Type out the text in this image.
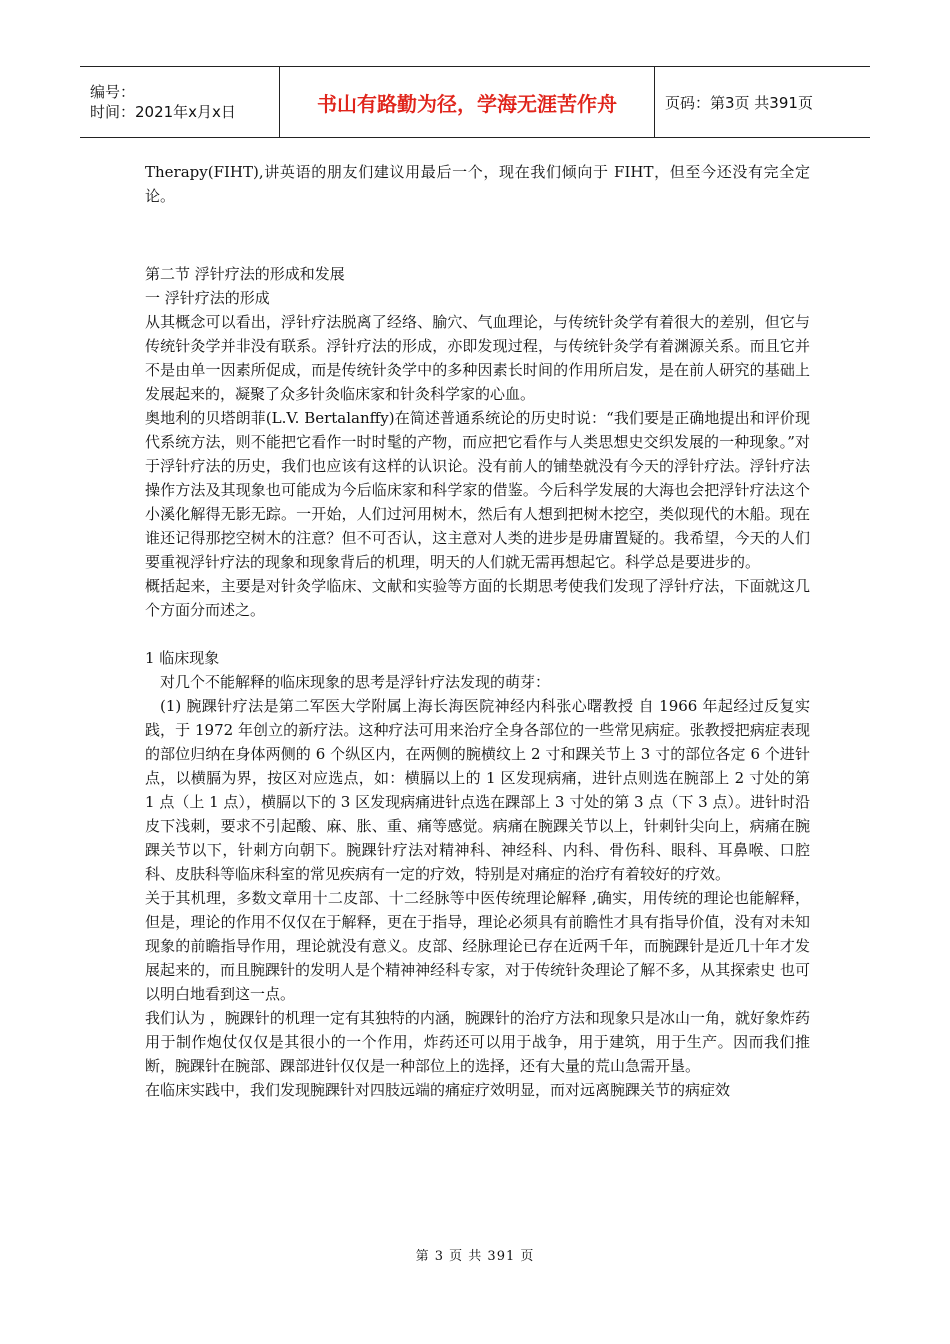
编号：
时间：2021年x月x日	书山有路勤为径，学海无涯苦作舟	页码：第3页 共391页

Therapy(FIHT),讲英语的朋友们建议用最后一个，现在我们倾向于 FIHT，但至今还没有完全定论。

第二节 浮针疗法的形成和发展

一 浮针疗法的形成

从其概念可以看出，浮针疗法脱离了经络、腧穴、气血理论，与传统针灸学有着很大的差别，但它与传统针灸学并非没有联系。浮针疗法的形成，亦即发现过程，与传统针灸学有着渊源关系。而且它并不是由单一因素所促成，而是传统针灸学中的多种因素长时间的作用所启发，是在前人研究的基础上发展起来的，凝聚了众多针灸临床家和针灸科学家的心血。

奥地利的贝塔朗菲(L.V. Bertalanffy)在简述普通系统论的历史时说：“我们要是正确地提出和评价现代系统方法，则不能把它看作一时时髦的产物，而应把它看作与人类思想史交织发展的一种现象。”对于浮针疗法的历史，我们也应该有这样的认识论。没有前人的铺垫就没有今天的浮针疗法。浮针疗法操作方法及其现象也可能成为今后临床家和科学家的借鉴。今后科学发展的大海也会把浮针疗法这个小溪化解得无影无踪。一开始，人们过河用树木，然后有人想到把树木挖空，类似现代的木船。现在谁还记得那挖空树木的注意？但不可否认，这主意对人类的进步是毋庸置疑的。我希望，今天的人们要重视浮针疗法的现象和现象背后的机理，明天的人们就无需再想起它。科学总是要进步的。

概括起来，主要是对针灸学临床、文献和实验等方面的长期思考使我们发现了浮针疗法，下面就这几个方面分而述之。

1 临床现象

对几个不能解释的临床现象的思考是浮针疗法发现的萌芽：

(1) 腕踝针疗法是第二军医大学附属上海长海医院神经内科张心曙教授 自 1966 年起经过反复实践，于 1972 年创立的新疗法。这种疗法可用来治疗全身各部位的一些常见病症。张教授把病症表现的部位归纳在身体两侧的 6 个纵区内，在两侧的腕横纹上 2 寸和踝关节上 3 寸的部位各定 6 个进针点，以横膈为界，按区对应选点，如：横膈以上的 1 区发现病痛，进针点则选在腕部上 2 寸处的第 1 点（上 1 点），横膈以下的 3 区发现病痛进针点选在踝部上 3 寸处的第 3 点（下 3 点）。进针时沿皮下浅刺，要求不引起酸、麻、胀、重、痛等感觉。病痛在腕踝关节以上，针刺针尖向上，病痛在腕踝关节以下，针刺方向朝下。腕踝针疗法对精神科、神经科、内科、骨伤科、眼科、耳鼻喉、口腔科、皮肤科等临床科室的常见疾病有一定的疗效，特别是对痛症的治疗有着较好的疗效。

关于其机理，多数文章用十二皮部、十二经脉等中医传统理论解释 ,确实，用传统的理论也能解释，但是，理论的作用不仅仅在于解释，更在于指导，理论必须具有前瞻性才具有指导价值，没有对未知现象的前瞻指导作用，理论就没有意义。皮部、经脉理论已存在近两千年，而腕踝针是近几十年才发展起来的，而且腕踝针的发明人是个精神神经科专家，对于传统针灸理论了解不多，从其探索史 也可以明白地看到这一点。

我们认为 ，腕踝针的机理一定有其独特的内涵，腕踝针的治疗方法和现象只是冰山一角，就好象炸药用于制作炮仗仅仅是其很小的一个作用，炸药还可以用于战争，用于建筑，用于生产。因而我们推断，腕踝针在腕部、踝部进针仅仅是一种部位上的选择，还有大量的荒山急需开垦。

在临床实践中，我们发现腕踝针对四肢远端的痛症疗效明显，而对远离腕踝关节的病症效

第 3 页 共 391 页
